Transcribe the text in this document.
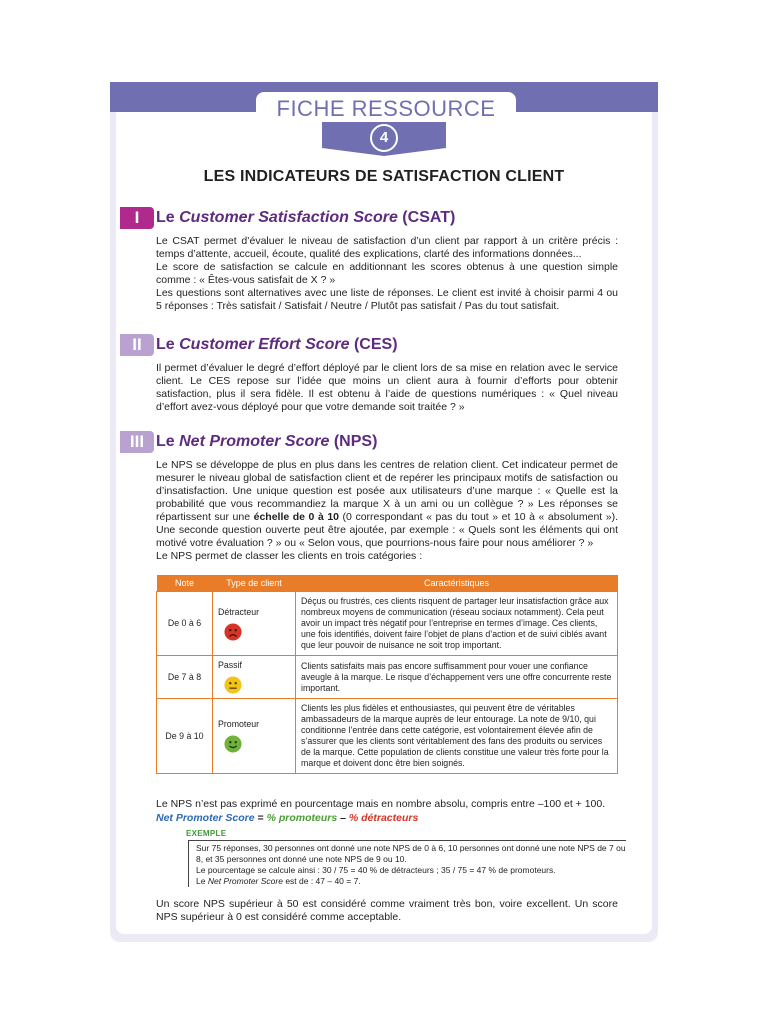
FICHE RESSOURCE
4
LES INDICATEURS DE SATISFACTION CLIENT
I	Le Customer Satisfaction Score (CSAT)

Le CSAT permet d’évaluer le niveau de satisfaction d’un client par rapport à un critère précis : temps d’attente, accueil, écoute, qualité des explications, clarté des informations données...

Le score de satisfaction se calcule en additionnant les scores obtenus à une question simple comme : « Êtes-vous satisfait de X ? »

Les questions sont alternatives avec une liste de réponses. Le client est invité à choisir parmi 4 ou 5 réponses : Très satisfait / Satisfait / Neutre / Plutôt pas satisfait / Pas du tout satisfait.

II Le Customer Effort Score (CES)

Il permet d’évaluer le degré d’effort déployé par le client lors de sa mise en relation avec le service client. Le CES repose sur l’idée que moins un client aura à fournir d’efforts pour obtenir satisfaction, plus il sera fidèle. Il est obtenu à l’aide de questions numériques : « Quel niveau d’effort avez-vous déployé pour que votre demande soit traitée ? »

III Le Net Promoter Score (NPS)

Le NPS se développe de plus en plus dans les centres de relation client. Cet indicateur permet de mesurer le niveau global de satisfaction client et de repérer les principaux motifs de satisfaction ou d’insatisfaction. Une unique question est posée aux utilisateurs d’une marque : « Quelle est la probabilité que vous recommandiez la marque X à un ami ou un collègue ? » Les réponses se répartissent sur une échelle de 0 à 10 (0 correspondant « pas du tout » et 10 à « absolument »). Une seconde question ouverte peut être ajoutée, par exemple : « Quels sont les éléments qui ont motivé votre évaluation ? » ou « Selon vous, que pourrions-nous faire pour nous améliorer ? »

Le NPS permet de classer les clients en trois catégories :

Note	Type de client	Caractéristiques
De 0 à 6	Détracteur	Déçus ou frustrés, ces clients risquent de partager leur insatisfaction grâce aux nombreux moyens de communication (réseau sociaux notamment). Cela peut avoir un impact très négatif pour l’entreprise en termes d’image. Ces clients, une fois identifiés, doivent faire l’objet de plans d’action et de suivi ciblés avant que leur pouvoir de nuisance ne soit trop important.
De 7 à 8	Passif	Clients satisfaits mais pas encore suffisamment pour vouer une confiance aveugle à la marque. Le risque d’échappement vers une offre concurrente reste important.
De 9 à 10	Promoteur	Clients les plus fidèles et enthousiastes, qui peuvent être de véritables ambassadeurs de la marque auprès de leur entourage. La note de 9/10, qui conditionne l’entrée dans cette catégorie, est volontairement élevée afin de s’assurer que les clients sont véritablement des fans des produits ou services de la marque. Cette population de clients constitue une valeur très forte pour la marque et doivent donc être bien soignés.
Le NPS n’est pas exprimé en pourcentage mais en nombre absolu, compris entre –100 et + 100.
Net Promoter Score = % promoteurs – % détracteurs
EXEMPLE

Sur 75 réponses, 30 personnes ont donné une note NPS de 0 à 6, 10 personnes ont donné une note NPS de 7 ou 8, et 35 personnes ont donné une note NPS de 9 ou 10.

Le pourcentage se calcule ainsi : 30 / 75 = 40 % de détracteurs ; 35 / 75 = 47 % de promoteurs.

Le Net Promoter Score est de : 47 – 40 = 7.

Un score NPS supérieur à 50 est considéré comme vraiment très bon, voire excellent. Un score NPS supérieur à 0 est considéré comme acceptable.
